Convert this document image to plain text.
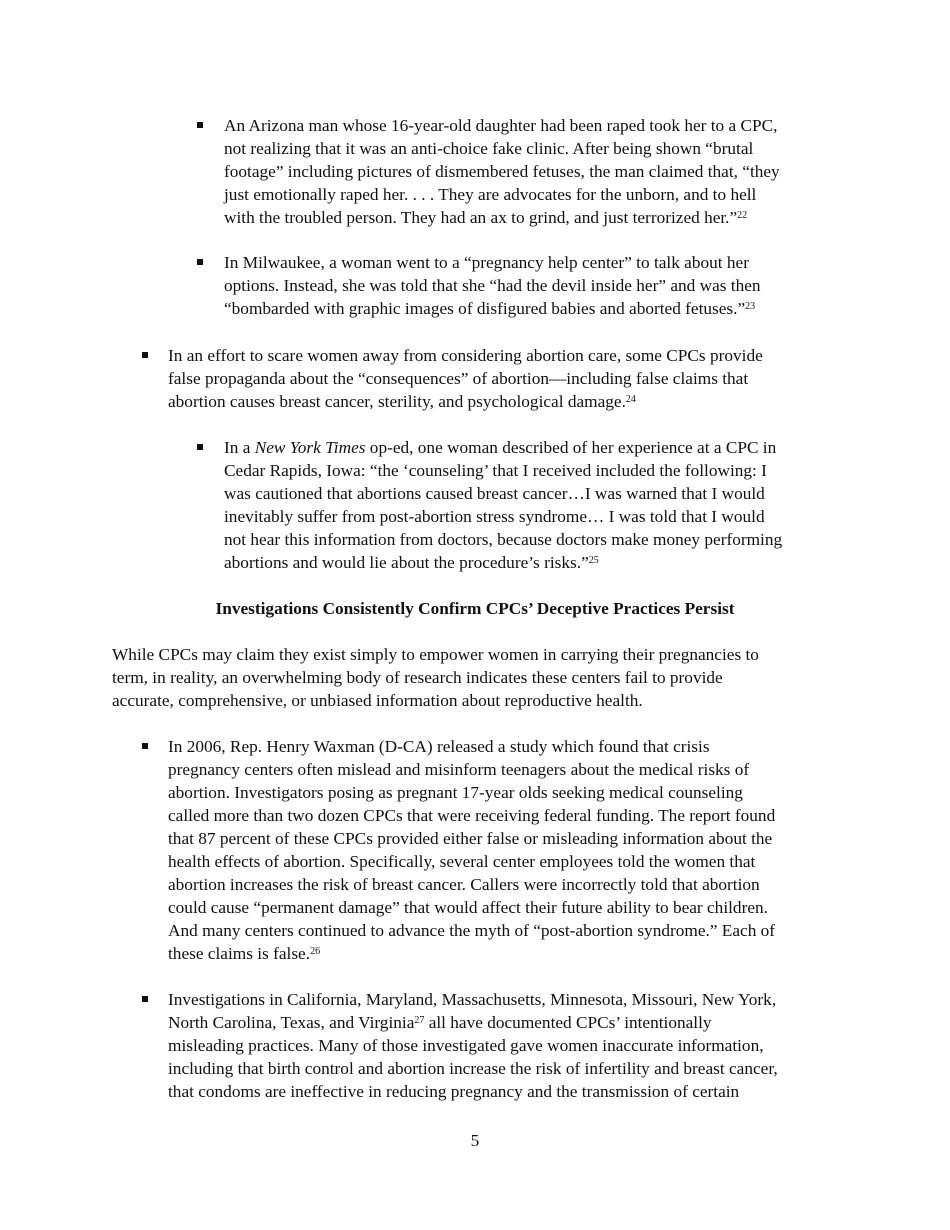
An Arizona man whose 16-year-old daughter had been raped took her to a CPC,
not realizing that it was an anti-choice fake clinic. After being shown “brutal
footage” including pictures of dismembered fetuses, the man claimed that, “they
just emotionally raped her. . . . They are advocates for the unborn, and to hell
with the troubled person. They had an ax to grind, and just terrorized her.”$^{22}$
In Milwaukee, a woman went to a “pregnancy help center” to talk about her
options. Instead, she was told that she “had the devil inside her” and was then
“bombarded with graphic images of disfigured babies and aborted fetuses.”$^{23}$
In an effort to scare women away from considering abortion care, some CPCs provide
false propaganda about the “consequences” of abortion—including false claims that
abortion causes breast cancer, sterility, and psychological damage.$^{24}$
In a New York Times op-ed, one woman described of her experience at a CPC in
Cedar Rapids, Iowa: “the ‘counseling’ that I received included the following: I
was cautioned that abortions caused breast cancer…I was warned that I would
inevitably suffer from post-abortion stress syndrome… I was told that I would
not hear this information from doctors, because doctors make money performing
abortions and would lie about the procedure’s risks.”$^{25}$
Investigations Consistently Confirm CPCs’ Deceptive Practices Persist
While CPCs may claim they exist simply to empower women in carrying their pregnancies to
term, in reality, an overwhelming body of research indicates these centers fail to provide
accurate, comprehensive, or unbiased information about reproductive health.
In 2006, Rep. Henry Waxman (D-CA) released a study which found that crisis
pregnancy centers often mislead and misinform teenagers about the medical risks of
abortion. Investigators posing as pregnant 17-year olds seeking medical counseling
called more than two dozen CPCs that were receiving federal funding. The report found
that 87 percent of these CPCs provided either false or misleading information about the
health effects of abortion. Specifically, several center employees told the women that
abortion increases the risk of breast cancer. Callers were incorrectly told that abortion
could cause “permanent damage” that would affect their future ability to bear children.
And many centers continued to advance the myth of “post-abortion syndrome.” Each of
these claims is false.$^{26}$
Investigations in California, Maryland, Massachusetts, Minnesota, Missouri, New York,
North Carolina, Texas, and Virginia$^{27}$ all have documented CPCs’ intentionally
misleading practices. Many of those investigated gave women inaccurate information,
including that birth control and abortion increase the risk of infertility and breast cancer,
that condoms are ineffective in reducing pregnancy and the transmission of certain
5
